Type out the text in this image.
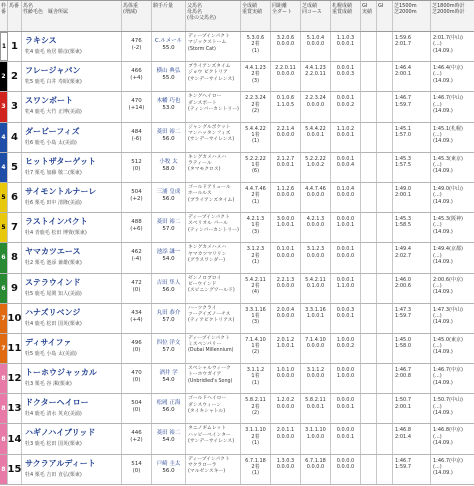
枠番
馬番 馬名
性齢毛色　厩舎所属
馬体重
(増減)
騎手斤量	父馬名
母馬名
(母の父馬名)
全成績
重賞実績
同距離
全ダート
芝成績
同コース
札幌成績
重賞成績
GI
実績
GI	芝1500m
芝2000m
芝1800m時計
芝2000m時計
1 1
ラキシス
牝4 鹿毛 角居 勝彦(栗東)
476
(-2)
C.ルメール
55.0
ディープインパクト
マジックストーム
(Storm Cat)
5.3.0.6
2着
(1)
3.2.0.6
0.0.0.0
5.1.0.4
0.0.0.0
1.1.0.3
0.0.0.1
1:59.6
2:01.7
2:01.7(中山)(...)
(14.09.)
2 2
フレージャパン
牝5 鹿毛 白井 寿昭(栗東)
466
(+4)
横山 典弘
55.0
ブライアンズタイム
ジョウ ビクトリア
(サンデーサイレンス)
4.4.1.23
2着
(3)
2.2.0.11
0.0.0.0
4.4.1.23
2.2.0.11
0.0.0.1
0.0.0.3
1:46.4
2:00.1
1:46.4(中京)(...)
(14.09.)
3 3
スワンボート
牝4 鹿毛 大竹 正博(美浦)
470
(+14)
木幡 巧也
53.0
キングヘイロー
ダンスボート
(ティンバーカントリー)
2.2.3.24
2着
(2)
0.1.0.6
1.1.0.5
2.2.3.24
0.0.0.0
0.0.0.1
0.0.0.2
1:46.7
1:59.7
1:46.7(中山)(...)
(14.09.)
4 4
ダービーフィズ
牡6 鹿毛 小島 太(美浦)
484
(-6)
菱田 裕二
56.0
ジャングルポケット
マンハッタンフィズ
(サンデーサイレンス)
5.4.4.22
1着
(1)
2.2.1.4
0.0.0.0
5.4.4.22
0.0.0.1
1.1.0.2
0.0.0.1
1:45.1
1:57.0
1:45.1(札幌)(...)
(14.09.)
4 5
ヒットザターゲット
牡7 栗毛 加藤 敬二(栗東)
512
(0)
小牧 太
58.0
キングカメハメハ
ラティール
(タマモクロス)
5.2.2.22
1着
(6)
2.1.2.7
0.0.0.1
5.2.2.22
1.0.0.2
0.0.0.1
0.0.0.4
1:45.3
1:57.5
1:45.3(東京)(...)
(14.09.)
5 6
サイモントルナーレ
牡6 栗毛 田中 清隆(美浦)
504
(+2)
三浦 皇成
56.0
ゴールドアリュール
ホールルス
(ブライアンズタイム)
4.4.7.46
2着
(1)
1.1.2.6
0.0.0.0
4.4.7.46
0.0.0.0
0.1.0.4
0.0.0.0
1:49.0
2:00.1
1:49.0(中山)(...)
(14.09.)
5 7
ラストインパクト
牡4 青鹿毛 松田 博資(栗東)
488
(+6)
菱田 裕二
57.0
ディープインパクト
スペリオル バール
(ティンバーカントリー)
4.2.1.3
1着
(3)
3.0.0.0
1.0.0.1
4.2.1.3
0.0.0.0
0.0.0.0
1.0.0.1
1:45.3
1:58.5
1:45.3(阪神)(...)
(14.09.)
6 8
ヤマカツエース
牡2 栗毛 池添 兼雄(栗東)
462
(-4)
池添 謙一
54.0
キングカメハメハ
ヤマカツマリリン
(グラスワンダー)
3.1.2.3
2着
(1)
0.1.0.1
0.0.0.0
3.1.2.3
0.0.0.0
0.0.0.1
0.0.0.0
1:49.4
2:02.7
1:49.4(京都)(...)
(14.09.)
6 9
ステラウインド
牡5 鹿毛 尾関 知人(美浦)
472
(0)
吉田 隼人
56.0
ゼンノロブロイ
ビーウインド
(スピニングワールド)
5.4.2.11
2着
(4)
2.2.1.3
0.0.0.0
5.4.2.11
0.1.0.0
0.0.0.1
1.1.0.0
1:46.0
2:00.6
2:00.6(中京)(...)
(14.09.)
7 10
ハナズリベンジ
牡4 鹿毛 松田 国英(栗東)
434
(+4)
丸田 恭介
57.0
ハーツクライ
ツーデイズノーチス
(ティアビクトリアス)
3.3.1.16
1着
(3)
2.0.0.4
0.0.0.0
3.3.1.16
1.0.0.1
0.0.0.3
0.0.0.1
1:47.3
1:59.7
1:47.3(中山)(...)
(14.09.)
7 11
ディサイファ
牡5 鹿毛 小島 太(美浦)
496
(0)
四位 洋文
57.0
ディープインパクト
ミスペンバリー
(Dubai Millennium)
7.1.4.10
1着
(2)
2.0.1.2
1.0.0.1
7.1.4.10
0.0.0.0
1.0.0.0
0.0.0.2
1:45.0
1:58.0
1:45.0(東京)(...)
(14.09.)
8 12
トーホウジャッカル
牡3 栗毛 谷 潔(栗東)
470
(0)
酒井 学
54.0
スペシャルウィーク
トーホウガイア
(Unbridled's Song)
3.1.1.2
1着
(1)
1.0.1.0
0.0.0.0
3.1.1.2
0.0.0.0
0.0.0.0
1.0.0.0
1:46.7
2:00.8
1:46.7(中京)(...)
(14.09.)
8 13
ドクターヘイロー
牡4 鹿毛 清水 英克(美浦)
504
(0)
松岡 正海
56.0
ゴールドヘイロー
ダンスウィーン
(タイキシャトル)
5.8.2.11
2着
(2)
1.2.0.2
0.0.0.0
5.8.2.11
0.0.0.1
0.0.0.0
0.0.0.1
1:50.7
2:00.1
1:50.7(中山)(...)
(14.09.)
8 14
ハギノハイブリッド
牡3 鹿毛 松田 国英(栗東)
446
(+2)
菱田 裕二
54.0
タニノギムレット
ハッピーペインター
(サンデーサイレンス)
3.1.1.10
2着
(1)
2.0.1.1
0.0.0.0
3.1.1.10
1.0.0.0
0.0.0.0
0.0.0.1
1:46.8
2:01.4
1:46.8(中京)(...)
(14.09.)
8 15
サクラアルディート
牡4 栗毛 吉田 直弘(栗東)
514
(0)
戸崎 圭太
56.0
ディープインパクト
サクラローラ
(マルゼンスキー)
6.7.1.18
2着
(1)
1.3.0.3
0.0.0.0
6.7.1.18
0.0.0.0
0.0.0.0
0.0.0.0
1:46.7
1:59.7
1:46.7(中京)(...)
(14.09.)
